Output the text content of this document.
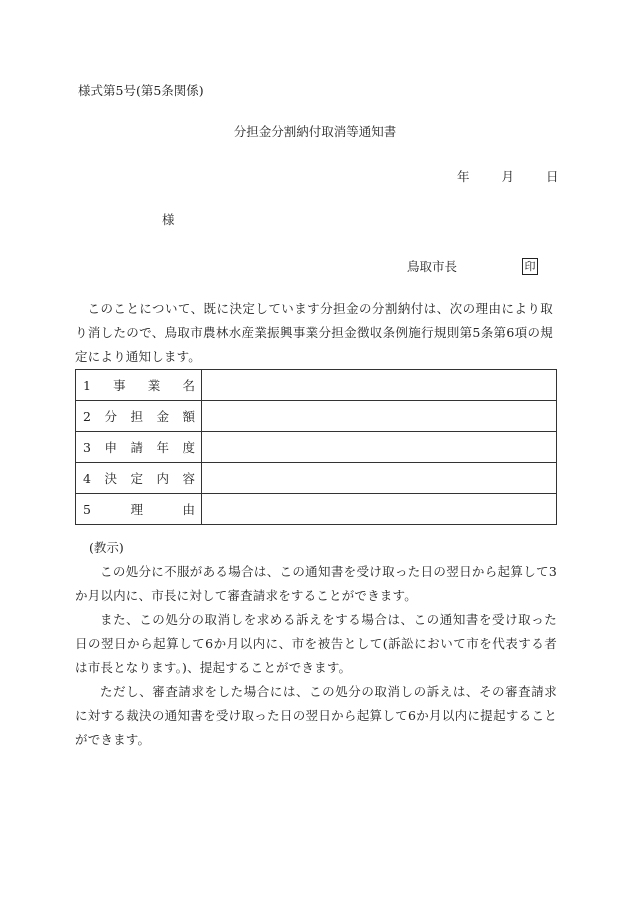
様式第5号(第5条関係)
分担金分割納付取消等通知書
年	月	日
様
鳥取市長	印
このことについて、既に決定しています分担金の分割納付は、次の理由により取り消したので、鳥取市農林水産業振興事業分担金徴収条例施行規則第5条第6項の規定により通知します。
1 事 業 名	

2 分 担 金 額	

3 申 請 年 度	

4 決 定 内 容	

5 理 由	

(教示)

この処分に不服がある場合は、この通知書を受け取った日の翌日から起算して3か月以内に、市長に対して審査請求をすることができます。

また、この処分の取消しを求める訴えをする場合は、この通知書を受け取った日の翌日から起算して6か月以内に、市を被告として(訴訟において市を代表する者は市長となります。)、提起することができます。

ただし、審査請求をした場合には、この処分の取消しの訴えは、その審査請求に対する裁決の通知書を受け取った日の翌日から起算して6か月以内に提起することができます。
